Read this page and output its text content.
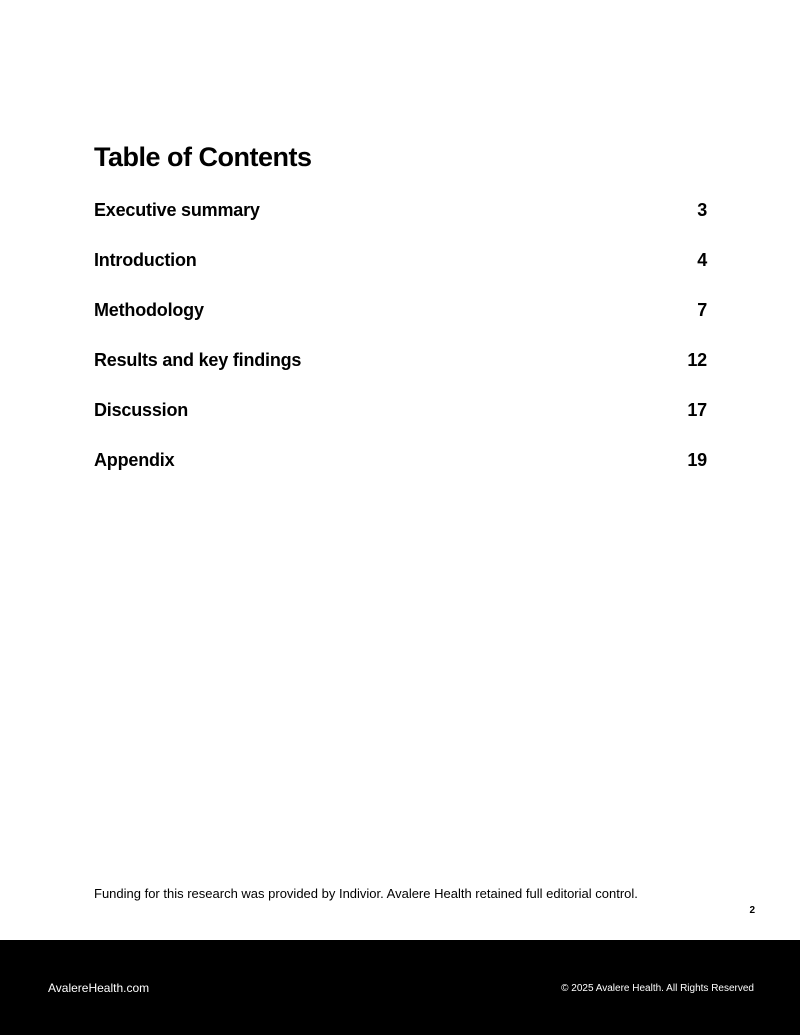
Table of Contents
Executive summary	3
Introduction	4
Methodology	7
Results and key findings	12
Discussion	17
Appendix	19

Funding for this research was provided by Indivior. Avalere Health retained full editorial control.

2
AvalereHealth.com	© 2025 Avalere Health. All Rights Reserved
